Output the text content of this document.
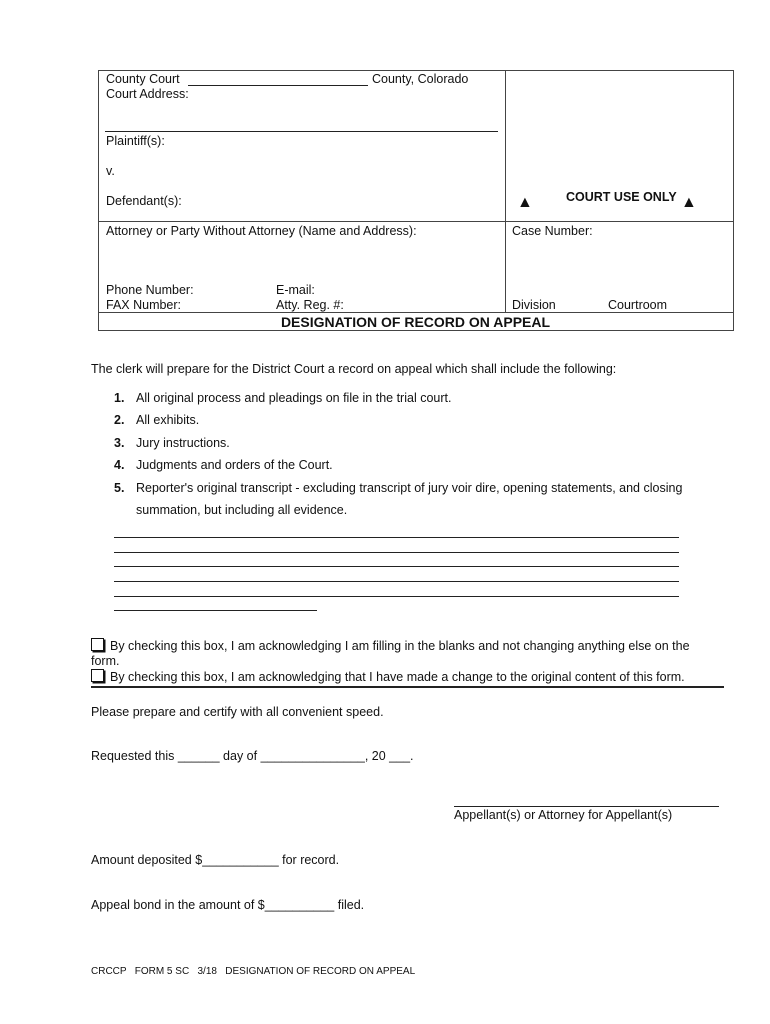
County Court	County, Colorado
Court Address:
Plaintiff(s):
v.
Defendant(s):	▲	COURT USE ONLY ▲
Attorney or Party Without Attorney (Name and Address):	Case Number:
Phone Number:	E-mail:
FAX Number:	Atty. Reg. #:	Division	Courtroom
DESIGNATION OF RECORD ON APPEAL
The clerk will prepare for the District Court a record on appeal which shall include the following:
1. All original process and pleadings on file in the trial court.
2. All exhibits.
3. Jury instructions.
4. Judgments and orders of the Court.
5. Reporter's original transcript - excluding transcript of jury voir dire, opening statements, and closing
summation, but including all evidence.
By checking this box, I am acknowledging I am filling in the blanks and not changing anything else on the
form.
By checking this box, I am acknowledging that I have made a change to the original content of this form.
Please prepare and certify with all convenient speed.
Requested this ______ day of _______________, 20 ___.
Appellant(s) or Attorney for Appellant(s)
Amount deposited $___________ for record.
Appeal bond in the amount of $__________ filed.
CRCCP   FORM 5 SC   3/18   DESIGNATION OF RECORD ON APPEAL
